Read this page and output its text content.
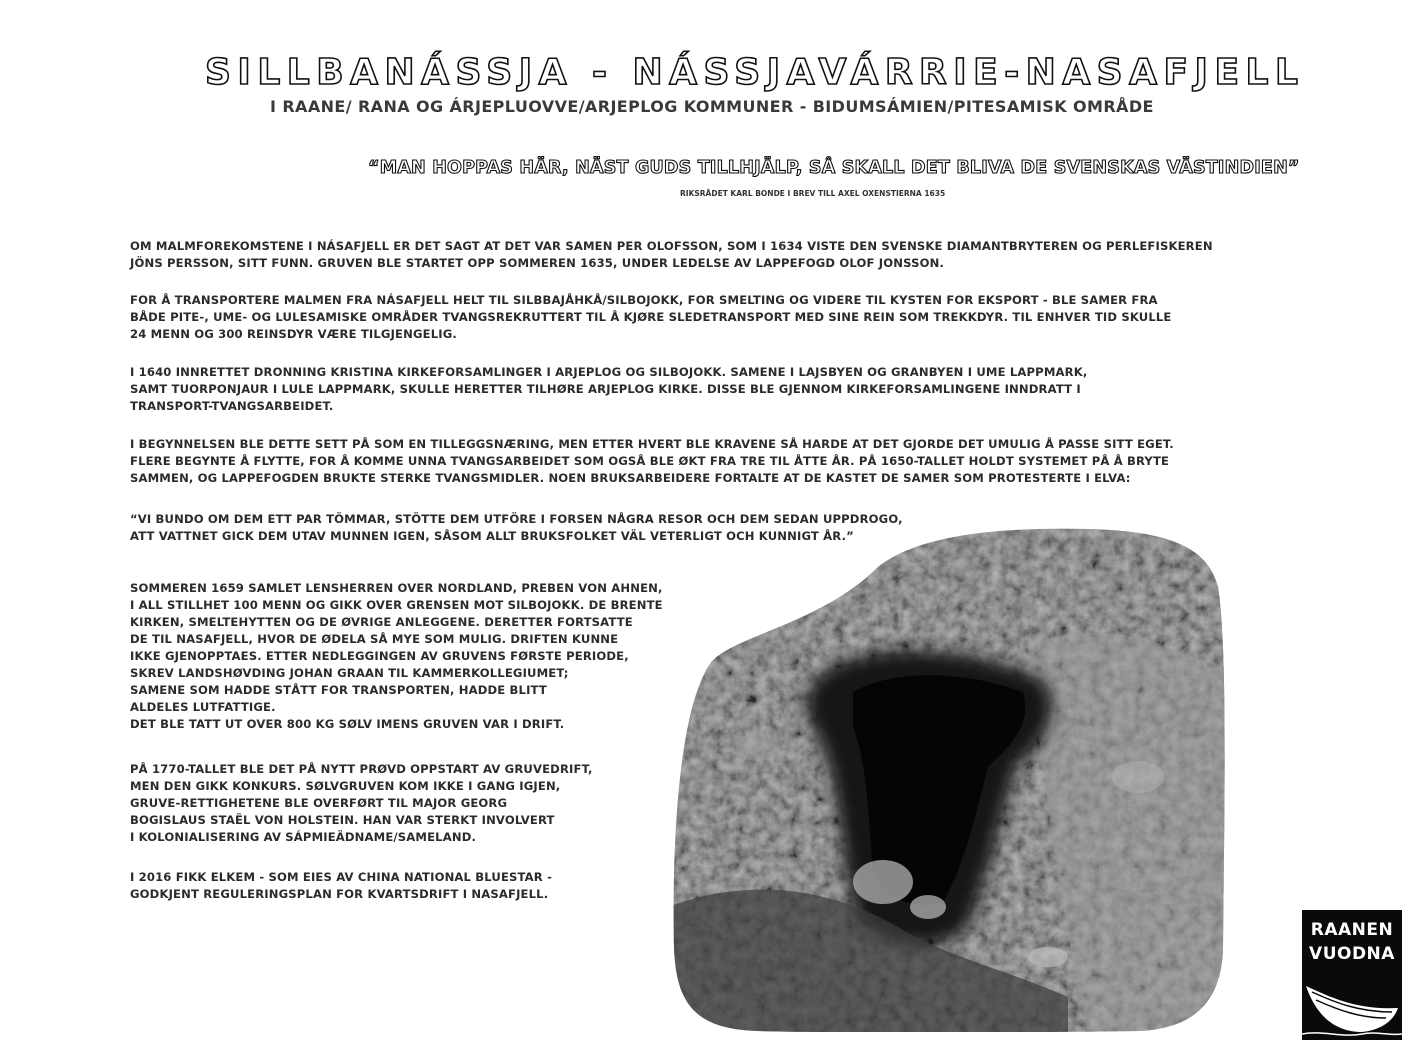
SILLBANÁSSJA - NÁSSJAVÁRRIE-NASAFJELL

I RAANE/ RANA OG ÁRJEPLUOVVE/ARJEPLOG KOMMUNER - BIDUMSÁMIEN/PITESAMISK OMRÅDE

“MAN HOPPAS HÄR, NÄST GUDS TILLHJÄLP, SÅ SKALL DET BLIVA DE SVENSKAS VÄSTINDIEN”

RIKSRÅDET KARL BONDE I BREV TILL AXEL OXENSTIERNA 1635

OM MALMFOREKOMSTENE I NÁSAFJELL ER DET SAGT AT DET VAR SAMEN PER OLOFSSON, SOM I 1634 VISTE DEN SVENSKE DIAMANTBRYTEREN OG PERLEFISKEREN
JÖNS PERSSON, SITT FUNN. GRUVEN BLE STARTET OPP SOMMEREN 1635, UNDER LEDELSE AV LAPPEFOGD OLOF JONSSON.
FOR Å TRANSPORTERE MALMEN FRA NÁSAFJELL HELT TIL SILBBAJÅHKÅ/SILBOJOKK, FOR SMELTING OG VIDERE TIL KYSTEN FOR EKSPORT - BLE SAMER FRA
BÅDE PITE-, UME- OG LULESAMISKE OMRÅDER TVANGSREKRUTTERT TIL Å KJØRE SLEDETRANSPORT MED SINE REIN SOM TREKKDYR. TIL ENHVER TID SKULLE
24 MENN OG 300 REINSDYR VÆRE TILGJENGELIG.
I 1640 INNRETTET DRONNING KRISTINA KIRKEFORSAMLINGER I ARJEPLOG OG SILBOJOKK. SAMENE I LAJSBYEN OG GRANBYEN I UME LAPPMARK,
SAMT TUORPONJAUR I LULE LAPPMARK, SKULLE HERETTER TILHØRE ARJEPLOG KIRKE. DISSE BLE GJENNOM KIRKEFORSAMLINGENE INNDRATT I
TRANSPORT-TVANGSARBEIDET.
I BEGYNNELSEN BLE DETTE SETT PÅ SOM EN TILLEGGSNÆRING, MEN ETTER HVERT BLE KRAVENE SÅ HARDE AT DET GJORDE DET UMULIG Å PASSE SITT EGET.
FLERE BEGYNTE Å FLYTTE, FOR Å KOMME UNNA TVANGSARBEIDET SOM OGSÅ BLE ØKT FRA TRE TIL ÅTTE ÅR. PÅ 1650-TALLET HOLDT SYSTEMET PÅ Å BRYTE
SAMMEN, OG LAPPEFOGDEN BRUKTE STERKE TVANGSMIDLER. NOEN BRUKSARBEIDERE FORTALTE AT DE KASTET DE SAMER SOM PROTESTERTE I ELVA:
“VI BUNDO OM DEM ETT PAR TÖMMAR, STÖTTE DEM UTFÖRE I FORSEN NÅGRA RESOR OCH DEM SEDAN UPPDROGO,
ATT VATTNET GICK DEM UTAV MUNNEN IGEN, SÅSOM ALLT BRUKSFOLKET VÄL VETERLIGT OCH KUNNIGT ÅR.”
SOMMEREN 1659 SAMLET LENSHERREN OVER NORDLAND, PREBEN VON AHNEN,
I ALL STILLHET 100 MENN OG GIKK OVER GRENSEN MOT SILBOJOKK. DE BRENTE
KIRKEN, SMELTEHYTTEN OG DE ØVRIGE ANLEGGENE. DERETTER FORTSATTE
DE TIL NASAFJELL, HVOR DE ØDELA SÅ MYE SOM MULIG. DRIFTEN KUNNE
IKKE GJENOPPTAES. ETTER NEDLEGGINGEN AV GRUVENS FØRSTE PERIODE,
SKREV LANDSHØVDING JOHAN GRAAN TIL KAMMERKOLLEGIUMET;
SAMENE SOM HADDE STÅTT FOR TRANSPORTEN, HADDE BLITT
ALDELES LUTFATTIGE.
DET BLE TATT UT OVER 800 KG SØLV IMENS GRUVEN VAR I DRIFT.
PÅ 1770-TALLET BLE DET PÅ NYTT PRØVD OPPSTART AV GRUVEDRIFT,
MEN DEN GIKK KONKURS. SØLVGRUVEN KOM IKKE I GANG IGJEN,
GRUVE-RETTIGHETENE BLE OVERFØRT TIL MAJOR GEORG
BOGISLAUS STAËL VON HOLSTEIN. HAN VAR STERKT INVOLVERT
I KOLONIALISERING AV SÁPMIEÄDNAME/SAMELAND.
I 2016 FIKK ELKEM - SOM EIES AV CHINA NATIONAL BLUESTAR -
GODKJENT REGULERINGSPLAN FOR KVARTSDRIFT I NASAFJELL.

RAANEN

VUODNA
